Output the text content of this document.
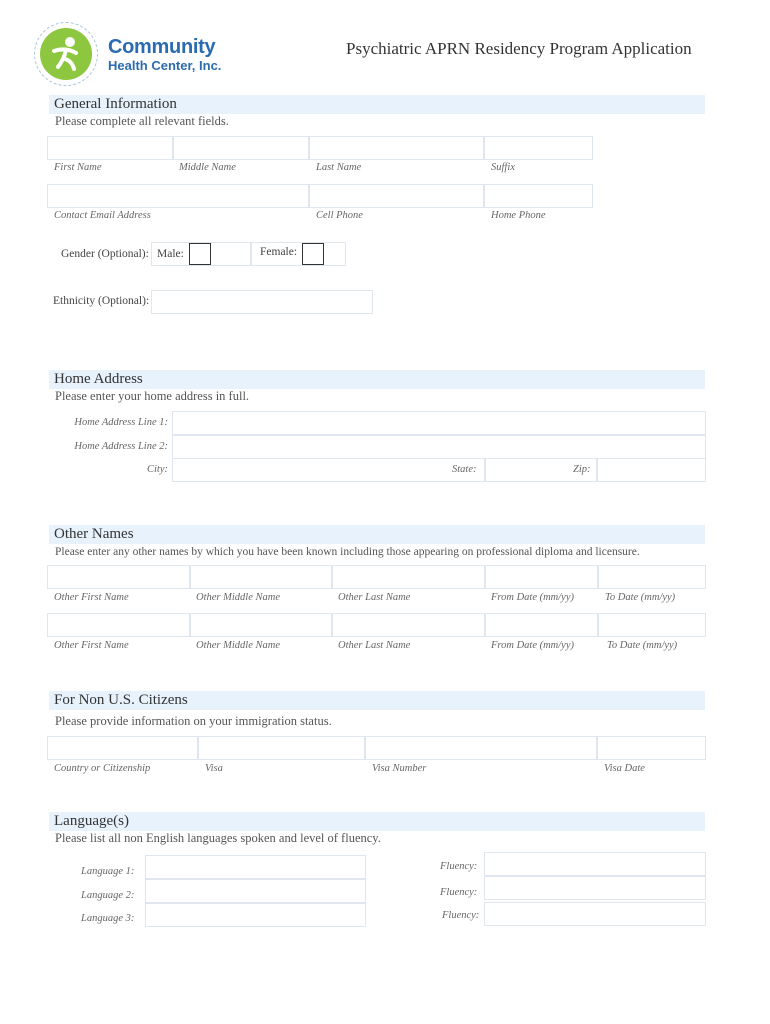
Community
Health Center, Inc.
Psychiatric APRN Residency Program Application
General Information
Please complete all relevant fields.
First Name	Middle Name	Last Name	Suffix
Contact Email Address	Cell Phone	Home Phone
Gender (Optional): Male:	Female:
Ethnicity (Optional):
Home Address
Please enter your home address in full.
Home Address Line 1:
Home Address Line 2:
City:	State:	Zip:
Other Names
Please enter any other names by which you have been known including those appearing on professional diploma and licensure.
Other First Name	Other Middle Name	Other Last Name	From Date (mm/yy)	To Date (mm/yy)
Other First Name	Other Middle Name	Other Last Name	From Date (mm/yy)	To Date (mm/yy)
For Non U.S. Citizens
Please provide information on your immigration status.
Country or Citizenship	Visa	Visa Number	Visa Date
Language(s)
Please list all non English languages spoken and level of fluency.
Language 1:	Fluency:
Language 2:	Fluency:
Language 3:	Fluency:
